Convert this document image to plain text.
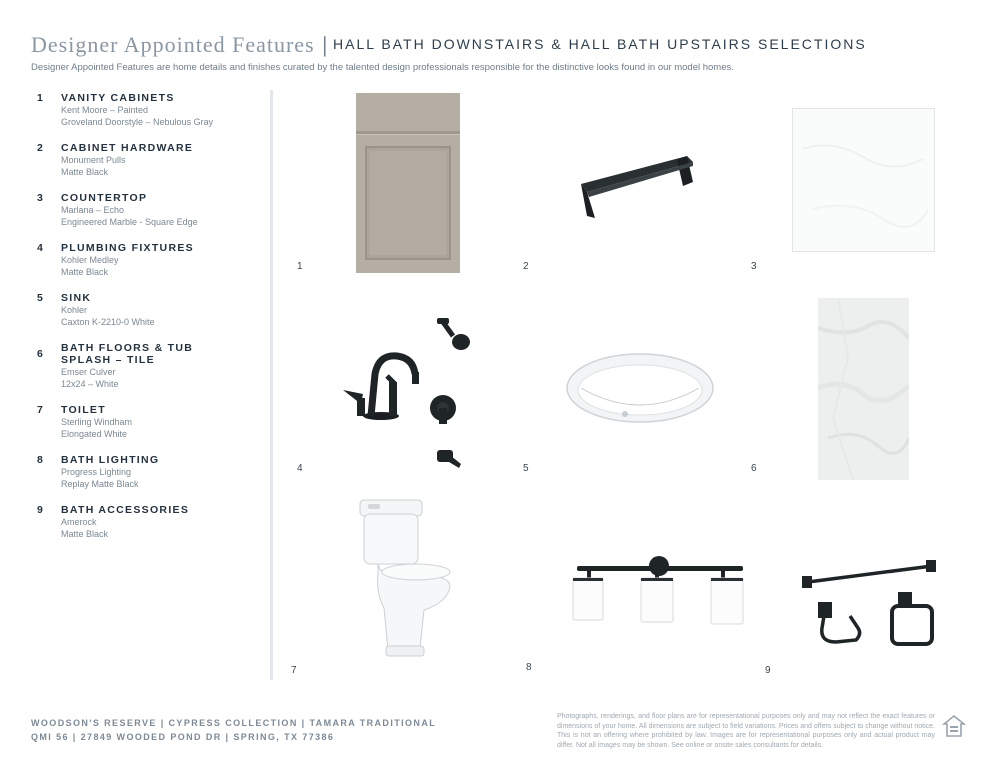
Designer Appointed Features | HALL BATH DOWNSTAIRS & HALL BATH UPSTAIRS SELECTIONS
Designer Appointed Features are home details and finishes curated by the talented design professionals responsible for the distinctive looks found in our model homes.
1 VANITY CABINETS
Kent Moore – Painted
Groveland Doorstyle – Nebulous Gray
2 CABINET HARDWARE
Monument Pulls
Matte Black
3 COUNTERTOP
Marlana – Echo
Engineered Marble - Square Edge
4 PLUMBING FIXTURES
Kohler Medley
Matte Black
5 SINK
Kohler
Caxton K-2210-0 White
6 BATH FLOORS & TUB SPLASH – TILE
Emser Culver
12x24 – White
7 TOILET
Sterling Windham
Elongated White
8 BATH LIGHTING
Progress Lighting
Replay Matte Black
9 BATH ACCESSORIES
Amerock
Matte Black
1	2	3
4	5	6
7	8	9
WOODSON'S RESERVE | CYPRESS COLLECTION | TAMARA TRADITIONAL
QMI 56 | 27849 WOODED POND DR | SPRING, TX 77386
Photographs, renderings, and floor plans are for representational purposes only and may not reflect the exact features or dimensions of your home. All dimensions are subject to field variations. Prices and offers subject to change without notice. This is not an offering where prohibited by law. Images are for representational purposes only and actual product may differ. Not all images may be shown. See online or onsite sales consultants for details.
